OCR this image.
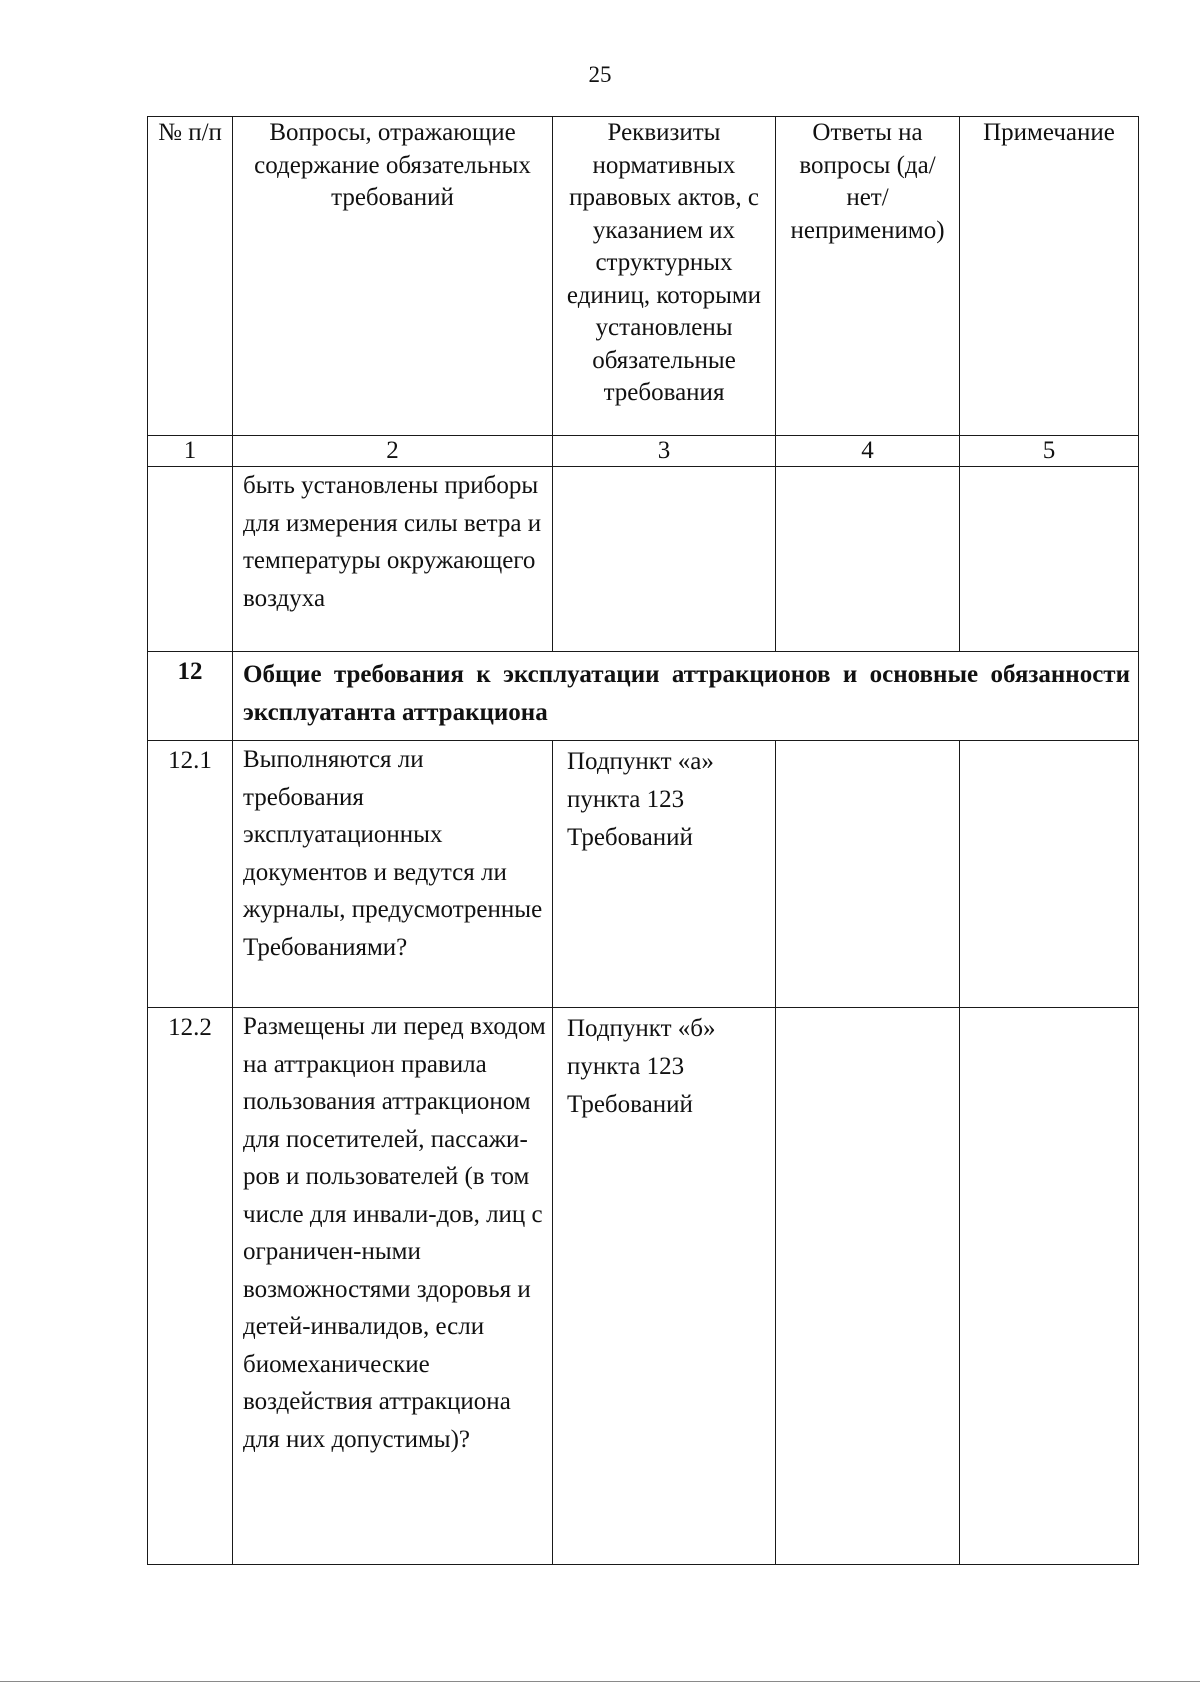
25
№ п/п	Вопросы, отражающие содержание обязательных требований	Реквизиты нормативных правовых актов, с указанием их структурных единиц, которыми установлены обязательные требования	Ответы на вопросы (да/нет/ неприменимо)	Примечание
1	2	3	4	5
	быть установлены приборы для измерения силы ветра и температуры окружающего воздуха			
12	Общие требования к эксплуатации аттракционов и основные обязанности эксплуатанта аттракциона			
12.1	Выполняются ли требования эксплуатационных документов и ведутся ли журналы, предусмотренные Требованиями?	Подпункт «а» пункта 123 Требований		
12.2	Размещены ли перед входом на аттракцион правила пользования аттракционом для посетителей, пассажи-ров и пользователей (в том числе для инвали-дов, лиц с ограничен-ными возможностями здоровья и детей-инвалидов, если биомеханические воздействия аттракциона для них допустимы)?	Подпункт «б» пункта 123 Требований		
